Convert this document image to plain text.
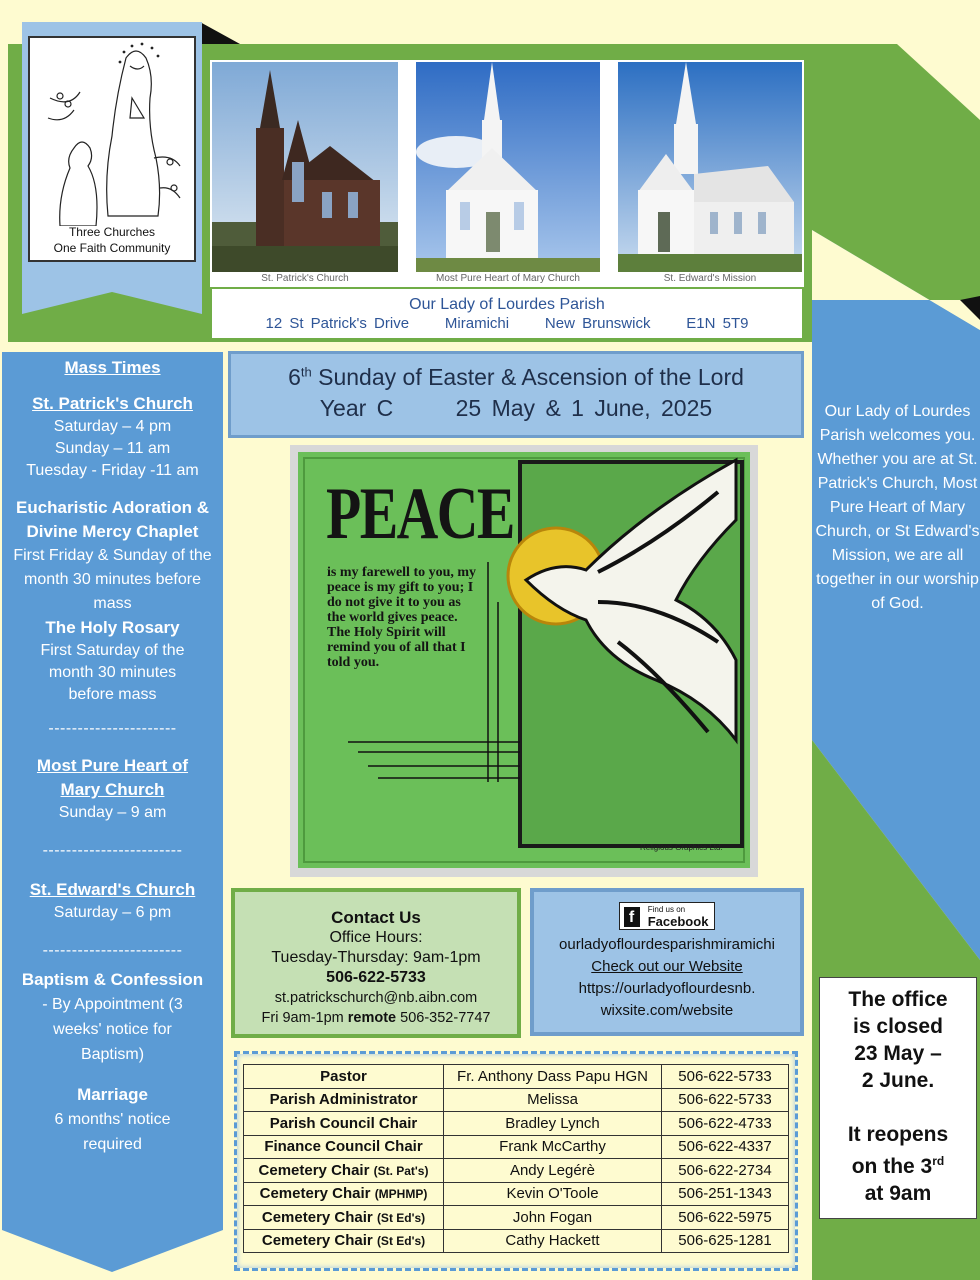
Three Churches
One Faith Community
St. Patrick's Church	Most Pure Heart of Mary Church	St. Edward's Mission
Our Lady of Lourdes Parish
12 St Patrick's Drive Miramichi New Brunswick E1N 5T9
6th Sunday of Easter & Ascension of the Lord
Year C	25 May & 1 June, 2025
PEACE
is my farewell to you, my peace is my gift to you; I do not give it to you as the world gives peace. The Holy Spirit will remind you of all that I told you.
Religious Graphics Ltd.
Mass Times
St. Patrick's Church
Saturday – 4 pm
Sunday – 11 am
Tuesday - Friday -11 am
Eucharistic Adoration & Divine Mercy Chaplet
First Friday & Sunday of the month 30 minutes before mass
The Holy Rosary
First Saturday of the month 30 minutes before mass
----------------------
Most Pure Heart of Mary Church
Sunday – 9 am
------------------------
St. Edward's Church
Saturday – 6 pm
------------------------
Baptism & Confession
- By Appointment (3 weeks' notice for Baptism)
Marriage
6 months' notice required
Our Lady of Lourdes Parish welcomes you. Whether you are at St. Patrick's Church, Most Pure Heart of Mary Church, or St Edward's Mission, we are all together in our worship of God.
Contact Us
Office Hours:
Tuesday-Thursday: 9am-1pm
506-622-5733
st.patrickschurch@nb.aibn.com
Fri 9am-1pm remote 506-352-7747
f Find us on
Facebook
ourladyoflourdesparishmiramichi
Check out our Website
https://ourladyoflourdesnb.
wixsite.com/website	The office
is closed
23 May –
2 June.
It reopens
on the 3rd
at 9am
Pastor	Fr. Anthony Dass Papu HGN	506-622-5733
Parish Administrator	Melissa	506-622-5733
Parish Council Chair	Bradley Lynch	506-622-4733
Finance Council Chair	Frank McCarthy	506-622-4337
Cemetery Chair (St. Pat's)	Andy Legérè	506-622-2734
Cemetery Chair (MPHMP)	Kevin O'Toole	506-251-1343
Cemetery Chair (St Ed's)	John Fogan	506-622-5975
Cemetery Chair (St Ed's)	Cathy Hackett	506-625-1281
